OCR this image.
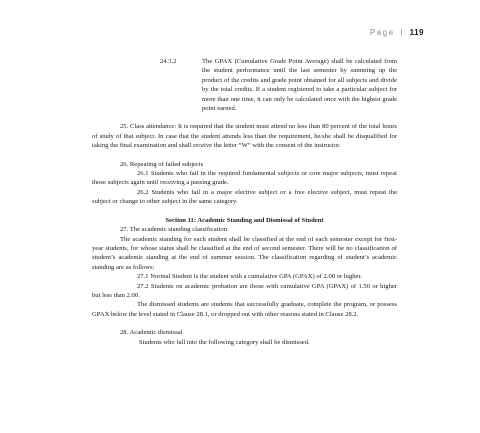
Page | 119
24.3.2	The GPAX (Cumulative Grade Point Average) shall be calculated from the student performance until the last semester by summing up the product of the credits and grade point obtained for all subjects and divide by the total credits. If a student registered to take a particular subject for more than one time, it can only be calculated once with the highest grade point earned.

25. Class attendance: It is required that the student must attend no less than 80 percent of the total hours of study of that subject. In case that the student attends less than the requirement, he/she shall be disqualified for taking the final examination and shall receive the letter “W” with the consent of the instructor.

26. Repeating of failed subjects

26.1 Students who fail in the required fundamental subjects or core major subjects, must repeat those subjects again until receiving a passing grade.

26.2 Students who fail in a major elective subject or a free elective subject, must repeat the subject or change to other subject in the same category.

Section 11: Academic Standing and Dismissal of Student

27. The academic standing classification

The academic standing for each student shall be classified at the end of each semester except for first-year students, for whose status shall be classified at the end of second semester. There will be no classification of student’s academic standing at the end of summer session. The classification regarding of student’s academic standing are as follows:

27.1 Normal Student is the student with a cumulative GPA (GPAX) of 2.00 or higher.

27.2 Students on academic probation are those with cumulative GPA (GPAX) of 1.50 or higher but less than 2.00.

The dismissed students are students that successfully graduate, complete the program, or possess GPAX below the level stated in Clause 28.1, or dropped out with other reasons stated in Clause 28.2.

28. Academic dismissal

Students who fall into the following category shall be dismissed.
